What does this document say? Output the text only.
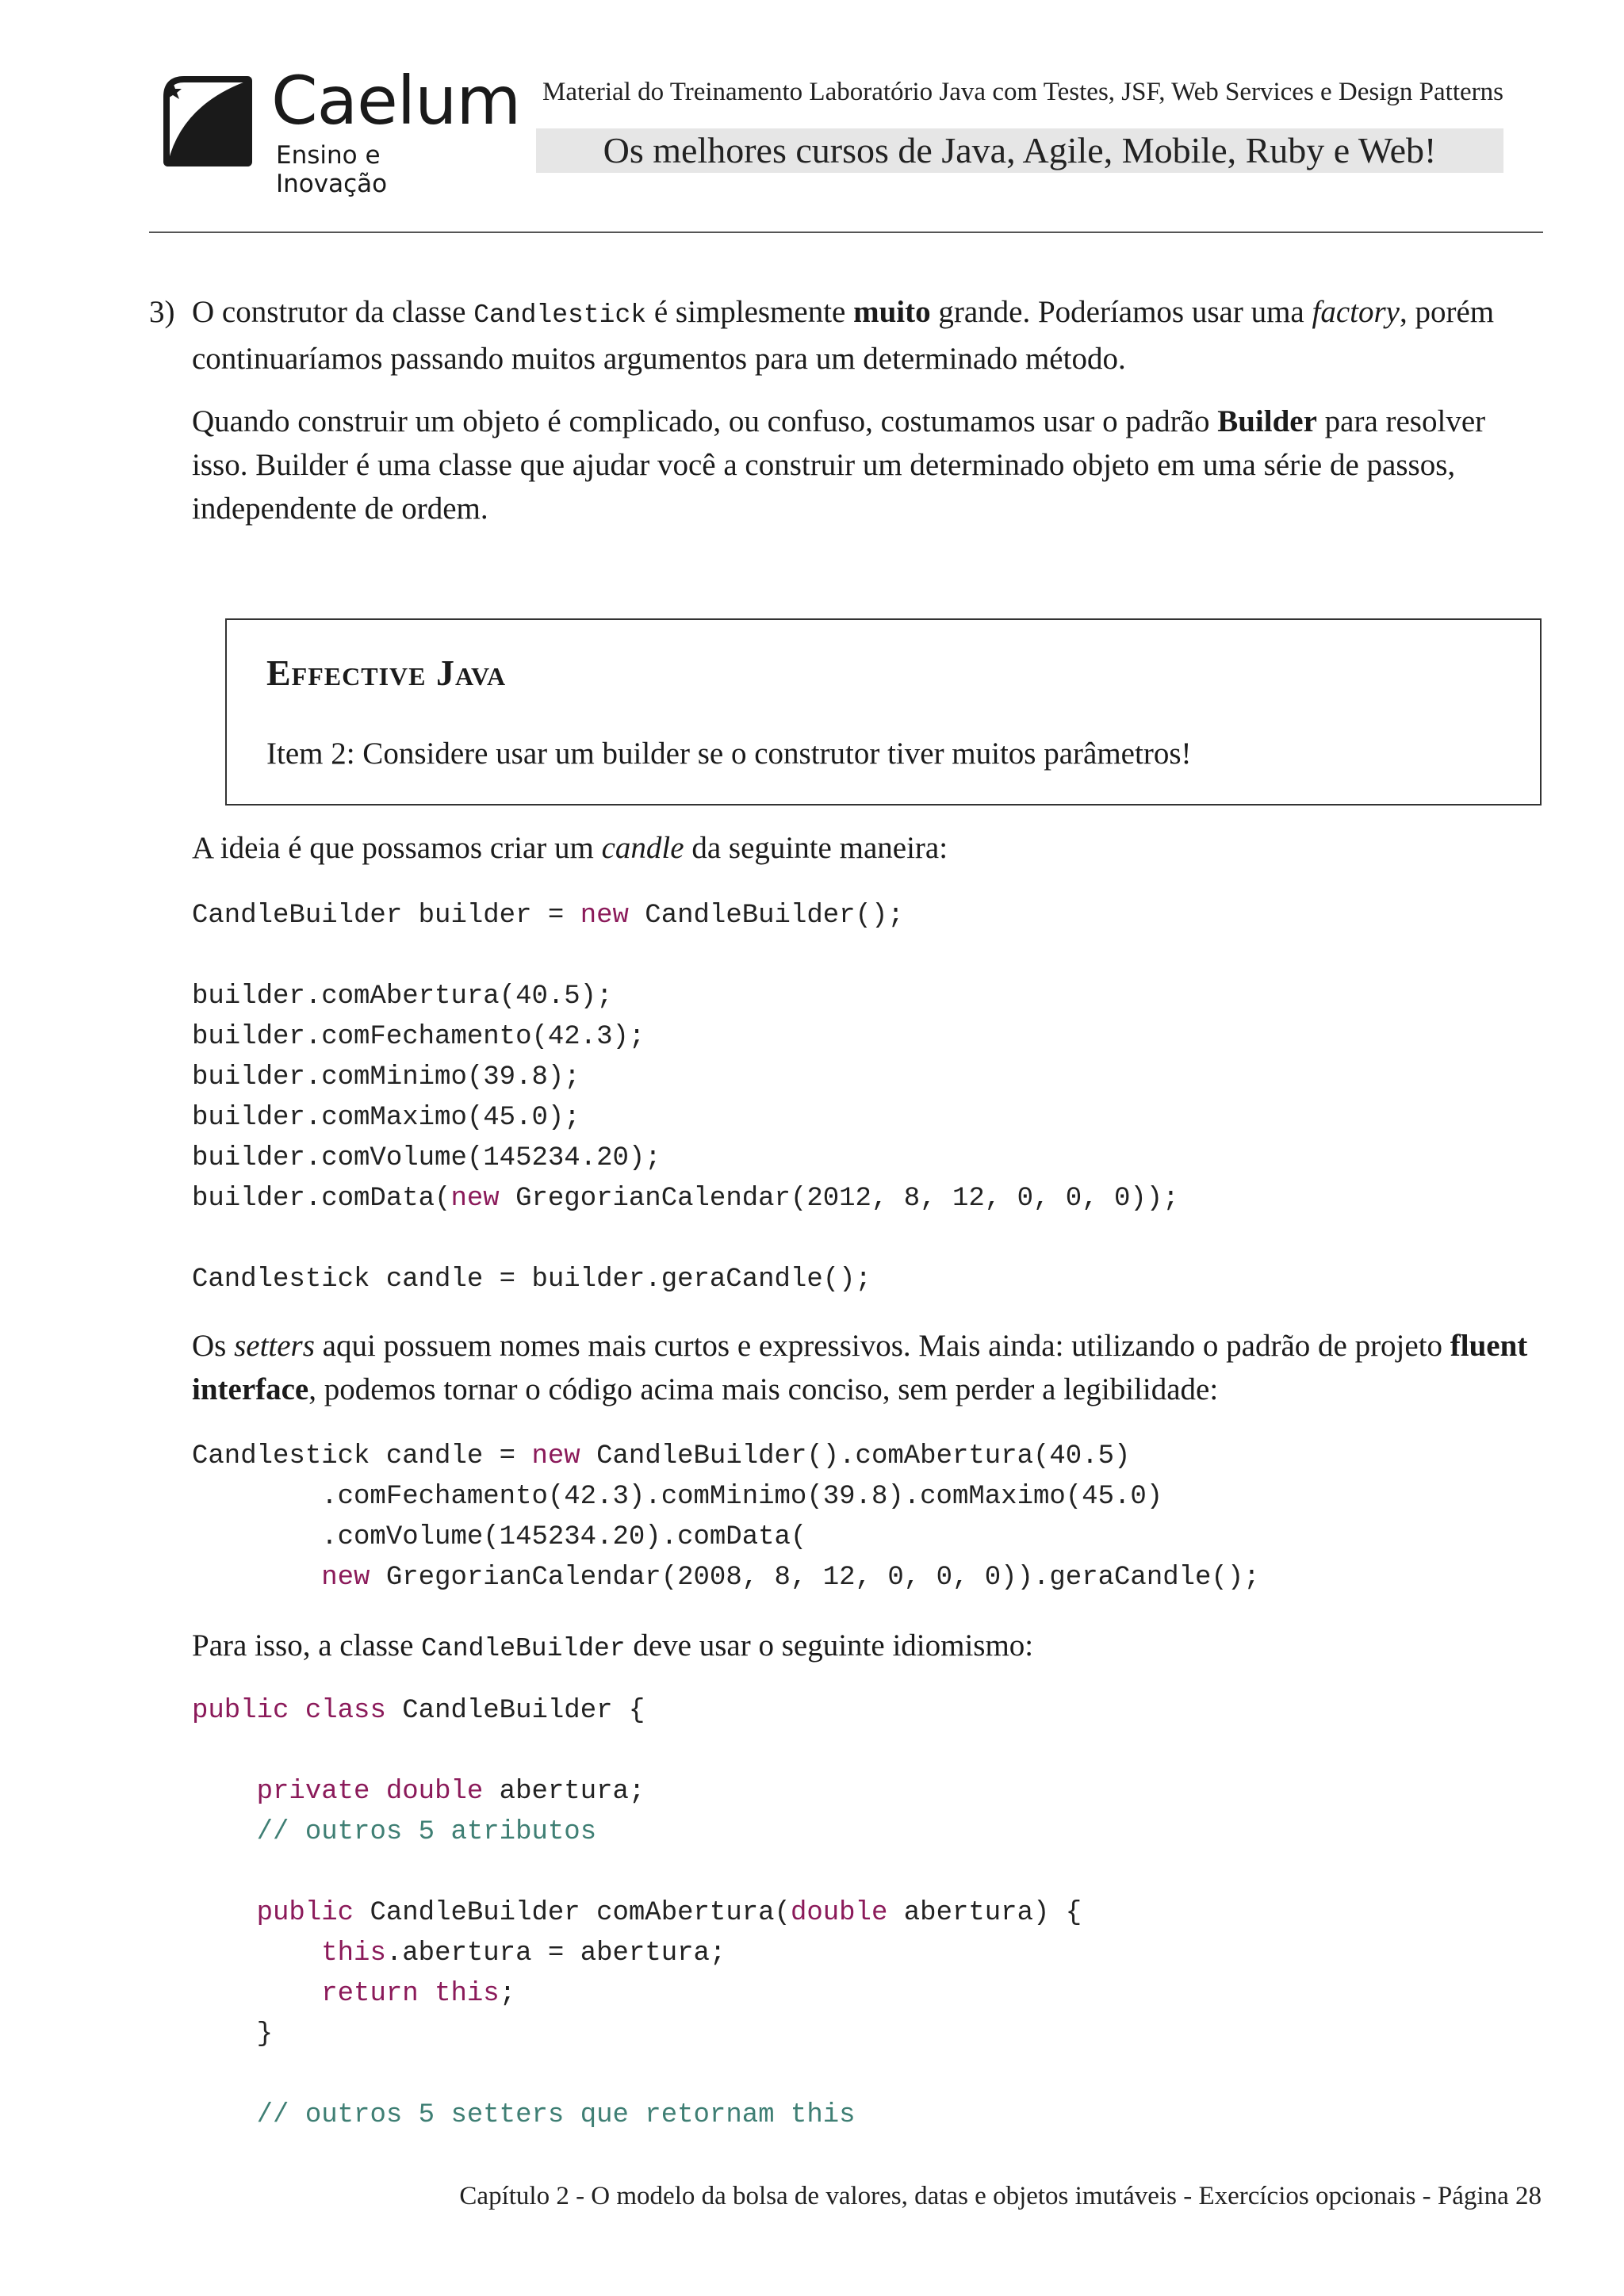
Caelum
Ensino e Inovação
Material do Treinamento Laboratório Java com Testes, JSF, Web Services e Design Patterns
Os melhores cursos de Java, Agile, Mobile, Ruby e Web!
3) O construtor da classe Candlestick é simplesmente muito grande. Poderíamos usar uma factory, porém continuaríamos passando muitos argumentos para um determinado método.
Quando construir um objeto é complicado, ou confuso, costumamos usar o padrão Builder para resolver isso. Builder é uma classe que ajudar você a construir um determinado objeto em uma série de passos, independente de ordem.
Effective Java
Item 2: Considere usar um builder se o construtor tiver muitos parâmetros!
A ideia é que possamos criar um candle da seguinte maneira:
CandleBuilder builder = new CandleBuilder();

builder.comAbertura(40.5);
builder.comFechamento(42.3);
builder.comMinimo(39.8);
builder.comMaximo(45.0);
builder.comVolume(145234.20);
builder.comData(new GregorianCalendar(2012, 8, 12, 0, 0, 0));

Candlestick candle = builder.geraCandle();
Os setters aqui possuem nomes mais curtos e expressivos. Mais ainda: utilizando o padrão de projeto fluent interface, podemos tornar o código acima mais conciso, sem perder a legibilidade:
Candlestick candle = new CandleBuilder().comAbertura(40.5)
.comFechamento(42.3).comMinimo(39.8).comMaximo(45.0)
.comVolume(145234.20).comData(
new GregorianCalendar(2008, 8, 12, 0, 0, 0)).geraCandle();
Para isso, a classe CandleBuilder deve usar o seguinte idiomismo:
public class CandleBuilder {

private double abertura;
// outros 5 atributos

public CandleBuilder comAbertura(double abertura) {
this.abertura = abertura;
return this;
}

// outros 5 setters que retornam this
Capítulo 2 - O modelo da bolsa de valores, datas e objetos imutáveis - Exercícios opcionais - Página 28
